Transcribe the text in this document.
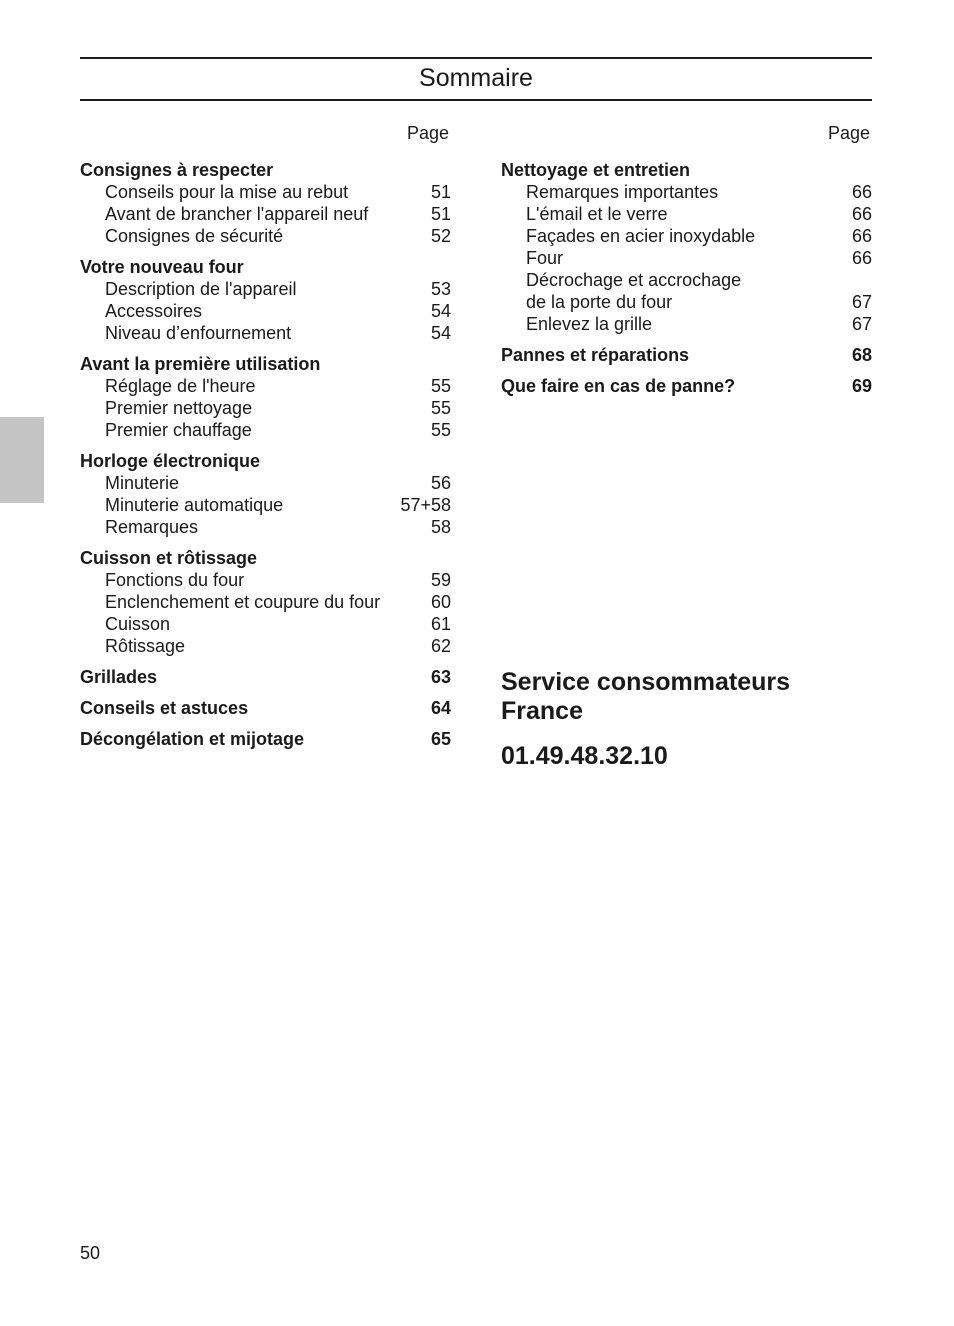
Sommaire
Page
Consignes à respecter
Conseils pour la mise au rebut	51
Avant de brancher l'appareil neuf	51
Consignes de sécurité	52
Votre nouveau four
Description de l'appareil	53
Accessoires	54
Niveau d’enfournement	54
Avant la première utilisation
Réglage de l'heure	55
Premier nettoyage	55
Premier chauffage	55
Horloge électronique
Minuterie	56
Minuterie automatique	57+58
Remarques	58
Cuisson et rôtissage
Fonctions du four	59
Enclenchement et coupure du four	60
Cuisson	61
Rôtissage	62
Grillades	63
Conseils et astuces	64
Décongélation et mijotage	65
Page
Nettoyage et entretien
Remarques importantes	66
L'émail et le verre	66
Façades en acier inoxydable	66
Four	66
Décrochage et accrochage
de la porte du four	67
Enlevez la grille	67
Pannes et réparations	68
Que faire en cas de panne?	69
Service consommateurs
France
01.49.48.32.10
50
